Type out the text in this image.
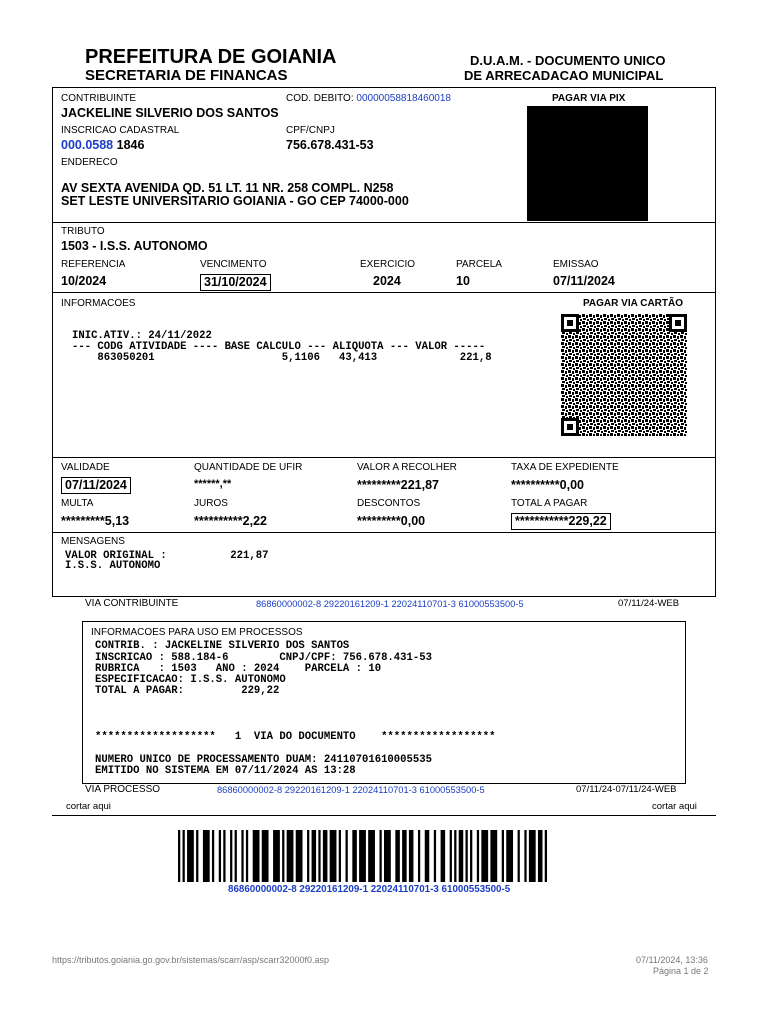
PREFEITURA DE GOIANIA
SECRETARIA DE FINANCAS
D.U.A.M. - DOCUMENTO UNICO
DE ARRECADACAO MUNICIPAL
CONTRIBUINTE
JACKELINE SILVERIO DOS SANTOS
COD. DEBITO: 00000058818460018	PAGAR VIA PIX
INSCRICAO CADASTRAL
000.0588 1846
CPF/CNPJ
756.678.431-53
ENDERECO
AV SEXTA AVENIDA QD. 51 LT. 11 NR. 258 COMPL. N258
SET LESTE UNIVERSITARIO GOIANIA - GO CEP 74000-000
TRIBUTO
1503 - I.S.S. AUTONOMO
REFERENCIA
10/2024
VENCIMENTO
31/10/2024
EXERCICIO
2024
PARCELA
10
EMISSAO
07/11/2024
INFORMACOES	PAGAR VIA CARTÃO
INIC.ATIV.: 24/11/2022
--- CODG ATIVIDADE ---- BASE CALCULO --- ALIQUOTA --- VALOR -----
863050201                    5,1106   43,413             221,8
VALIDADE
07/11/2024
QUANTIDADE DE UFIR
******,**
VALOR A RECOLHER
*********221,87
TAXA DE EXPEDIENTE
**********0,00
MULTA
*********5,13
JUROS
**********2,22
DESCONTOS
*********0,00
TOTAL A PAGAR
***********229,22
MENSAGENS
VALOR ORIGINAL :          221,87
I.S.S. AUTONOMO
VIA CONTRIBUINTE	86860000002-8 29220161209-1 22024110701-3 61000553500-5	07/11/24-WEB
INFORMACOES PARA USO EM PROCESSOS
CONTRIB. : JACKELINE SILVERIO DOS SANTOS
INSCRICAO : 588.184-6        CNPJ/CPF: 756.678.431-53
RUBRICA   : 1503   ANO : 2024    PARCELA : 10
ESPECIFICACAO: I.S.S. AUTONOMO
TOTAL A PAGAR:         229,22
*******************   1  VIA DO DOCUMENTO    ******************
NUMERO UNICO DE PROCESSAMENTO DUAM: 24110701610005535
EMITIDO NO SISTEMA EM 07/11/2024 AS 13:28
VIA PROCESSO	86860000002-8 29220161209-1 22024110701-3 61000553500-5	07/11/24-07/11/24-WEB
cortar aqui	cortar aqui
86860000002-8 29220161209-1 22024110701-3 61000553500-5
https://tributos.goiania.go.gov.br/sistemas/scarr/asp/scarr32000f0.asp	07/11/2024, 13:36
Página 1 de 2
